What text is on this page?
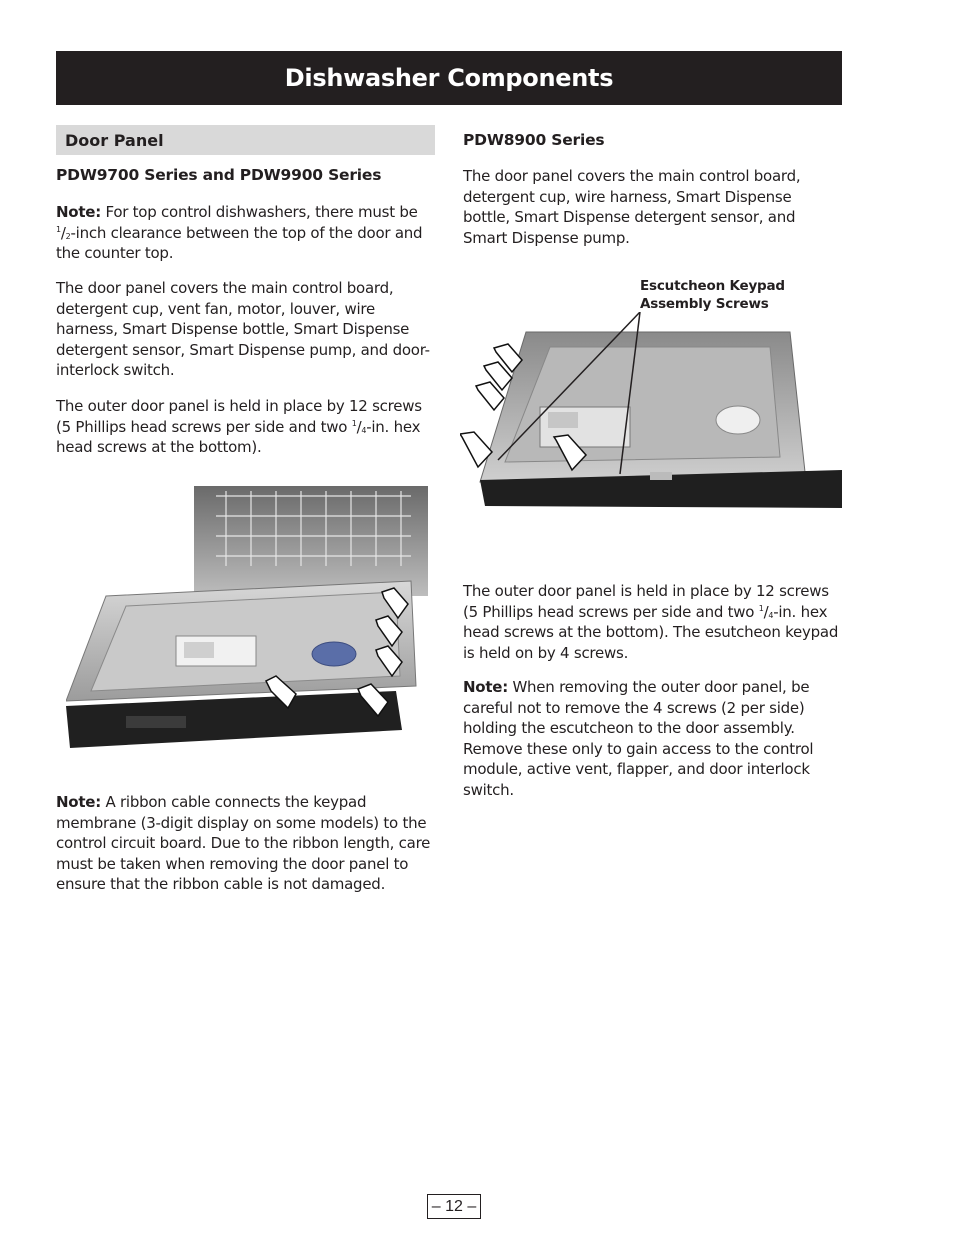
Dishwasher Components
Door Panel
PDW9700 Series and PDW9900 Series

Note: For top control dishwashers, there must be $^1/_2$-inch clearance between the top of the door and the counter top.

The door panel covers the main control board, detergent cup, vent fan, motor, louver, wire harness, Smart Dispense bottle, Smart Dispense detergent sensor, Smart Dispense pump, and door-interlock switch.

The outer door panel is held in place by 12 screws (5 Phillips head screws per side and two $^1/_4-in$. hex head screws at the bottom).

Note: A ribbon cable connects the keypad membrane (3-digit display on some models) to the control circuit board. Due to the ribbon length, care must be taken when removing the door panel to ensure that the ribbon cable is not damaged.

PDW8900 Series

The door panel covers the main control board, detergent cup, wire harness, Smart Dispense bottle, Smart Dispense detergent sensor, and Smart Dispense pump.

Escutcheon Keypad
Assembly Screws

The outer door panel is held in place by 12 screws (5 Phillips head screws per side and two $^1/_4-in$. hex head screws at the bottom). The esutcheon keypad is held on by 4 screws.

Note: When removing the outer door panel, be careful not to remove the 4 screws (2 per side) holding the escutcheon to the door assembly. Remove these only to gain access to the control module, active vent, flapper, and door interlock switch.

– 12 –
